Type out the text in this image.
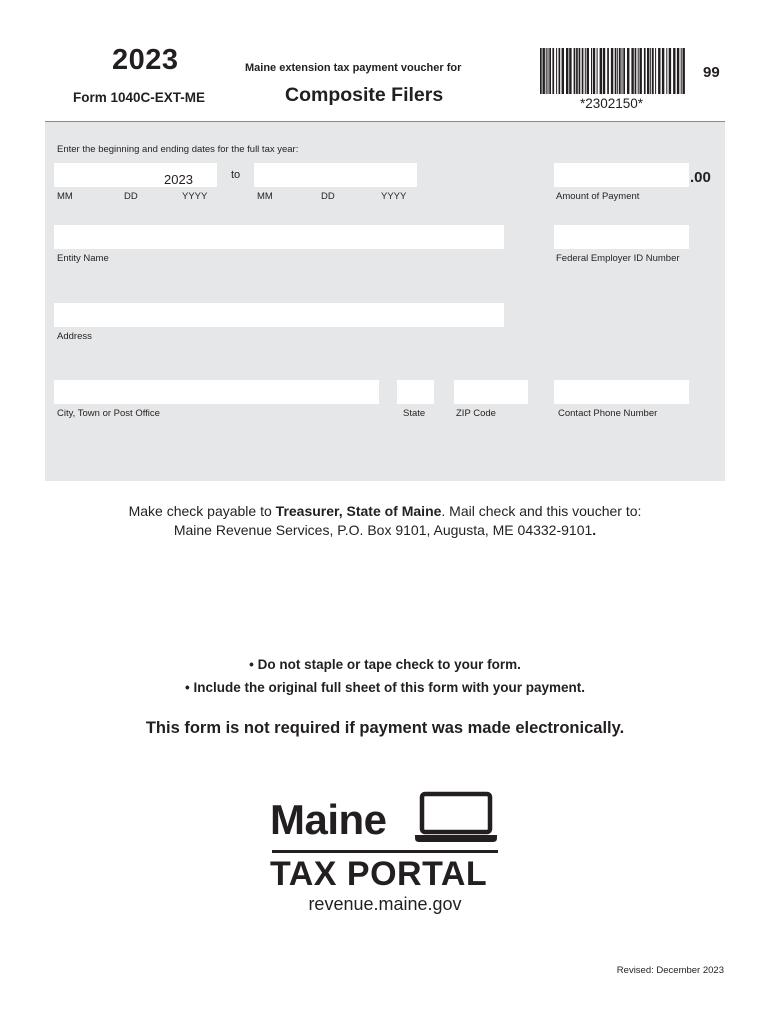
2023
Form 1040C-EXT-ME
Maine extension tax payment voucher for
Composite Filers	*2302150*
99
Enter the beginning and ending dates for the full tax year:
2023	to
MM	DD	YYYY	MM	DD	YYYY
.00
Amount of Payment
Entity Name	Federal Employer ID Number
Address
City, Town or Post Office	State	ZIP Code	Contact Phone Number
Make check payable to Treasurer, State of Maine. Mail check and this voucher to:
Maine Revenue Services, P.O. Box 9101, Augusta, ME 04332-9101.
• Do not staple or tape check to your form.
• Include the original full sheet of this form with your payment.
This form is not required if payment was made electronically.
Maine
TAX PORTAL
revenue.maine.gov
Revised: December 2023
